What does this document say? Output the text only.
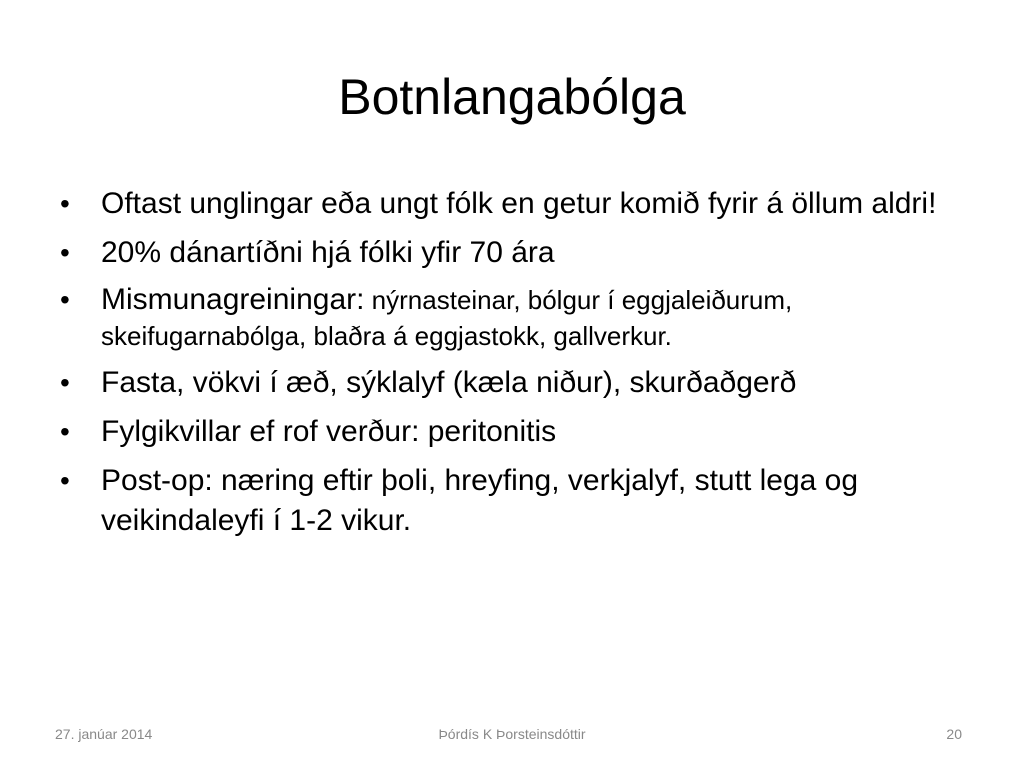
Botnlangabólga
• Oftast unglingar eða ungt fólk en getur komið fyrir á öllum aldri!
• 20% dánartíðni hjá fólki yfir 70 ára
• Mismunagreiningar: nýrnasteinar, bólgur í eggjaleiðurum, skeifugarnabólga, blaðra á eggjastokk, gallverkur.
• Fasta, vökvi í æð, sýklalyf (kæla niður), skurðaðgerð
• Fylgikvillar ef rof verður: peritonitis
• Post-op: næring eftir þoli, hreyfing, verkjalyf, stutt lega og veikindaleyfi í 1-2 vikur.
27. janúar 2014	Þórdís K Þorsteinsdóttir	20
